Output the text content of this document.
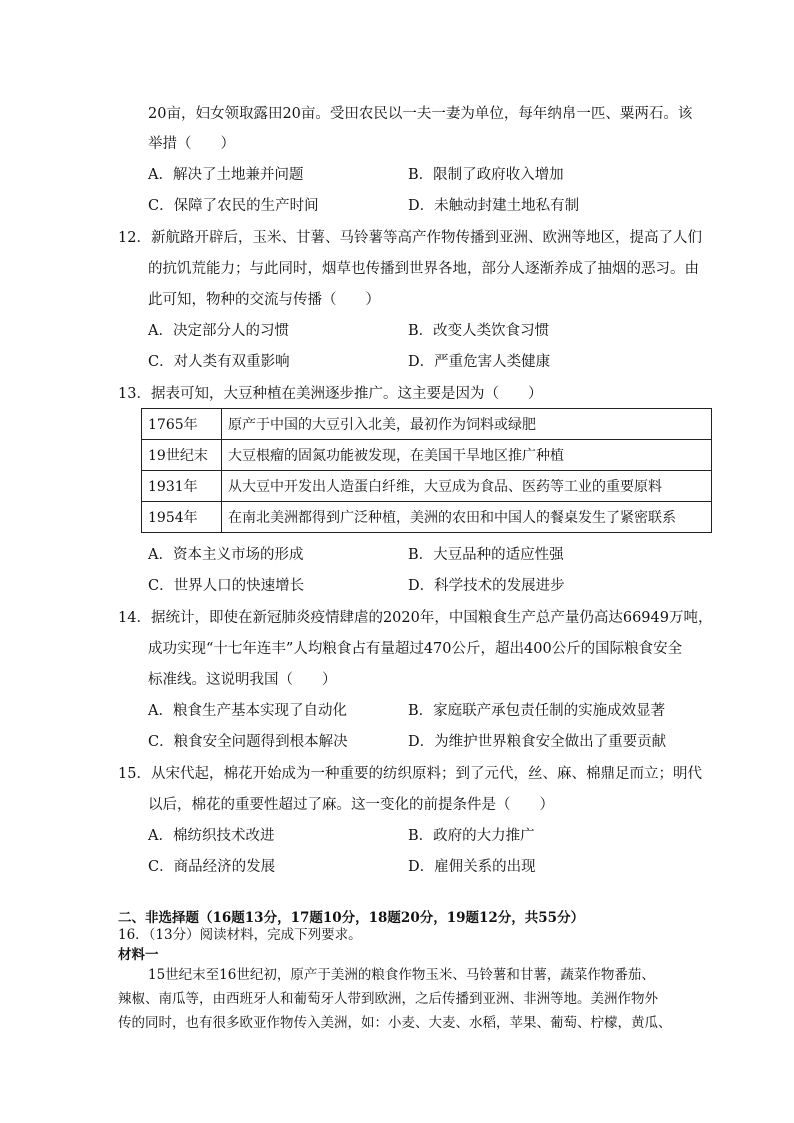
20亩，妇女领取露田20亩。受田农民以一夫一妻为单位，每年纳帛一匹、粟两石。该
举措（　　）
A．解决了土地兼并问题	B．限制了政府收入增加
C．保障了农民的生产时间	D．未触动封建土地私有制
12．新航路开辟后，玉米、甘薯、马铃薯等高产作物传播到亚洲、欧洲等地区，提高了人们
的抗饥荒能力；与此同时，烟草也传播到世界各地，部分人逐渐养成了抽烟的恶习。由
此可知，物种的交流与传播（　　）
A．决定部分人的习惯	B．改变人类饮食习惯
C．对人类有双重影响	D．严重危害人类健康
13．据表可知，大豆种植在美洲逐步推广。这主要是因为（　　）
1765年	原产于中国的大豆引入北美，最初作为饲料或绿肥
19世纪末	大豆根瘤的固氮功能被发现，在美国干旱地区推广种植
1931年	从大豆中开发出人造蛋白纤维，大豆成为食品、医药等工业的重要原料
1954年	在南北美洲都得到广泛种植，美洲的农田和中国人的餐桌发生了紧密联系
A．资本主义市场的形成	B．大豆品种的适应性强
C．世界人口的快速增长	D．科学技术的发展进步
14．据统计，即使在新冠肺炎疫情肆虐的2020年，中国粮食生产总产量仍高达66949万吨，
成功实现“十七年连丰”人均粮食占有量超过470公斤，超出400公斤的国际粮食安全
标准线。这说明我国（　　）
A．粮食生产基本实现了自动化	B．家庭联产承包责任制的实施成效显著
C．粮食安全问题得到根本解决	D．为维护世界粮食安全做出了重要贡献
15．从宋代起，棉花开始成为一种重要的纺织原料；到了元代，丝、麻、棉鼎足而立；明代
以后，棉花的重要性超过了麻。这一变化的前提条件是（　　）
A．棉纺织技术改进	B．政府的大力推广
C．商品经济的发展	D．雇佣关系的出现
二、非选择题（16题13分，17题10分，18题20分，19题12分，共55分）
16．（13分）阅读材料，完成下列要求。
材料一
15世纪末至16世纪初，原产于美洲的粮食作物玉米、马铃薯和甘薯，蔬菜作物番茄、
辣椒、南瓜等，由西班牙人和葡萄牙人带到欧洲，之后传播到亚洲、非洲等地。美洲作物外
传的同时，也有很多欧亚作物传入美洲，如：小麦、大麦、水稻，苹果、葡萄、柠檬，黄瓜、
